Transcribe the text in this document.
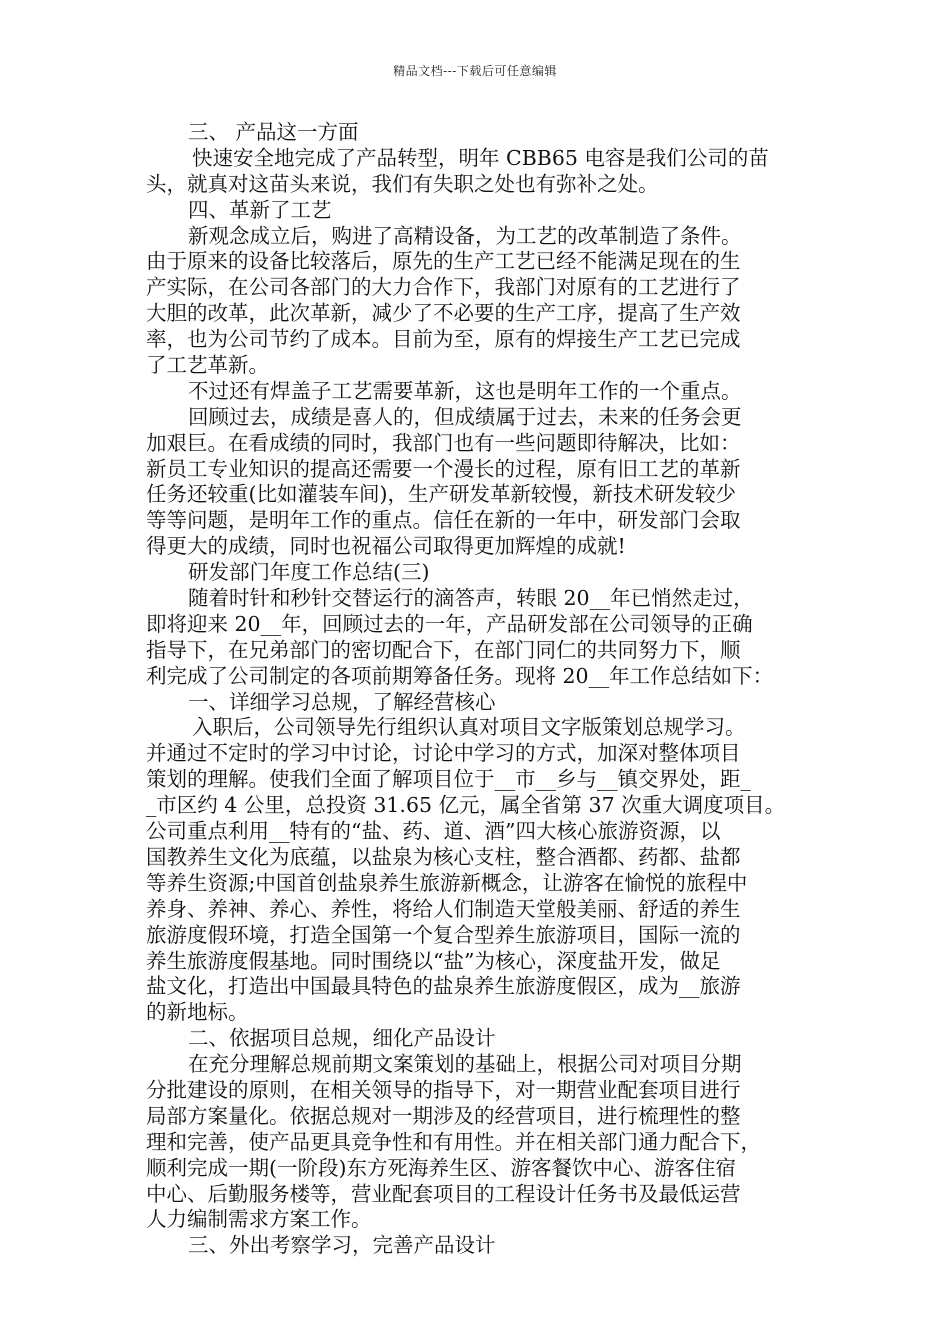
精品文档---下载后可任意编辑
三、 产品这一方面
快速安全地完成了产品转型，明年 CBB65 电容是我们公司的苗
头，就真对这苗头来说，我们有失职之处也有弥补之处。
四、革新了工艺
新观念成立后，购进了高精设备，为工艺的改革制造了条件。
由于原来的设备比较落后，原先的生产工艺已经不能满足现在的生
产实际，在公司各部门的大力合作下，我部门对原有的工艺进行了
大胆的改革，此次革新，减少了不必要的生产工序，提高了生产效
率，也为公司节约了成本。目前为至，原有的焊接生产工艺已完成
了工艺革新。
不过还有焊盖子工艺需要革新，这也是明年工作的一个重点。
回顾过去，成绩是喜人的，但成绩属于过去，未来的任务会更
加艰巨。在看成绩的同时，我部门也有一些问题即待解决，比如：
新员工专业知识的提高还需要一个漫长的过程，原有旧工艺的革新
任务还较重(比如灌装车间)，生产研发革新较慢，新技术研发较少
等等问题，是明年工作的重点。信任在新的一年中，研发部门会取
得更大的成绩，同时也祝福公司取得更加辉煌的成就!
研发部门年度工作总结(三)
随着时针和秒针交替运行的滴答声，转眼 20__年已悄然走过，
即将迎来 20__年，回顾过去的一年，产品研发部在公司领导的正确
指导下，在兄弟部门的密切配合下，在部门同仁的共同努力下，顺
利完成了公司制定的各项前期筹备任务。现将 20__年工作总结如下：
一、详细学习总规，了解经营核心
入职后，公司领导先行组织认真对项目文字版策划总规学习。
并通过不定时的学习中讨论，讨论中学习的方式，加深对整体项目
策划的理解。使我们全面了解项目位于__市__乡与__镇交界处，距_
_市区约 4 公里，总投资 31.65 亿元，属全省第 37 次重大调度项目。
公司重点利用__特有的“盐、药、道、酒”四大核心旅游资源，以
国教养生文化为底蕴，以盐泉为核心支柱，整合酒都、药都、盐都
等养生资源;中国首创盐泉养生旅游新概念，让游客在愉悦的旅程中
养身、养神、养心、养性，将给人们制造天堂般美丽、舒适的养生
旅游度假环境，打造全国第一个复合型养生旅游项目，国际一流的
养生旅游度假基地。同时围绕以“盐”为核心，深度盐开发，做足
盐文化，打造出中国最具特色的盐泉养生旅游度假区，成为__旅游
的新地标。
二、依据项目总规，细化产品设计
在充分理解总规前期文案策划的基础上，根据公司对项目分期
分批建设的原则，在相关领导的指导下，对一期营业配套项目进行
局部方案量化。依据总规对一期涉及的经营项目，进行梳理性的整
理和完善，使产品更具竞争性和有用性。并在相关部门通力配合下，
顺利完成一期(一阶段)东方死海养生区、游客餐饮中心、游客住宿
中心、后勤服务楼等，营业配套项目的工程设计任务书及最低运营
人力编制需求方案工作。
三、外出考察学习，完善产品设计
